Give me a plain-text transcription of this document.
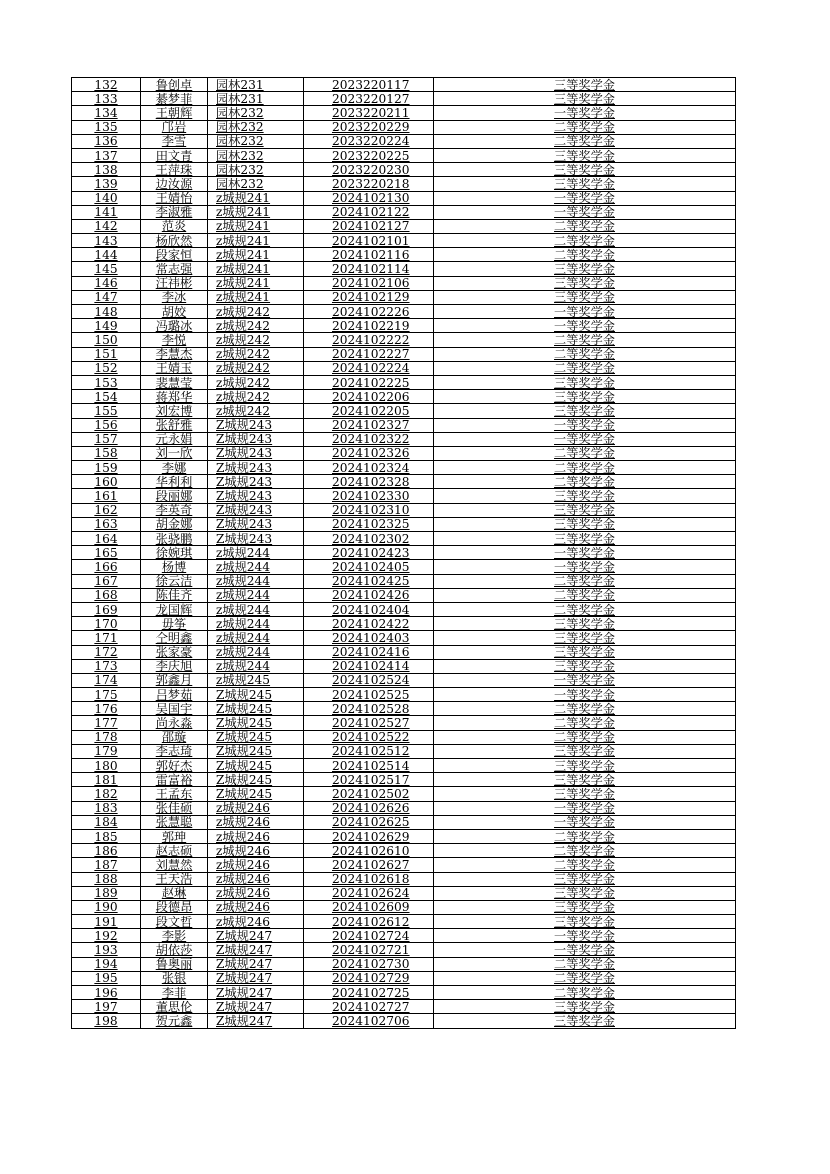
132	鲁创卓	园林231	2023220117	三等奖学金
133	綦梦菲	园林231	2023220127	三等奖学金
134	王朝辉	园林232	2023220211	一等奖学金
135	邝岩	园林232	2023220229	二等奖学金
136	李雪	园林232	2023220224	二等奖学金
137	田文青	园林232	2023220225	三等奖学金
138	王萍珠	园林232	2023220230	三等奖学金
139	边汝源	园林232	2023220218	三等奖学金
140	王婧怡	z城规241	2024102130	一等奖学金
141	李淑雅	z城规241	2024102122	一等奖学金
142	范炎	z城规241	2024102127	二等奖学金
143	杨欣然	z城规241	2024102101	二等奖学金
144	段家恒	z城规241	2024102116	二等奖学金
145	常志强	z城规241	2024102114	三等奖学金
146	汪祎彬	z城规241	2024102106	三等奖学金
147	李冰	z城规241	2024102129	三等奖学金
148	胡姣	z城规242	2024102226	一等奖学金
149	冯璐冰	z城规242	2024102219	一等奖学金
150	李悦	z城规242	2024102222	二等奖学金
151	李慧杰	z城规242	2024102227	二等奖学金
152	王婧玉	z城规242	2024102224	二等奖学金
153	裴慧莹	z城规242	2024102225	三等奖学金
154	蒋郑华	z城规242	2024102206	三等奖学金
155	刘宏博	z城规242	2024102205	三等奖学金
156	张舒雅	Z城规243	2024102327	一等奖学金
157	元永娟	Z城规243	2024102322	一等奖学金
158	刘一欣	Z城规243	2024102326	二等奖学金
159	李娜	Z城规243	2024102324	二等奖学金
160	华利利	Z城规243	2024102328	二等奖学金
161	段丽娜	Z城规243	2024102330	三等奖学金
162	李英奇	Z城规243	2024102310	三等奖学金
163	胡金娜	Z城规243	2024102325	三等奖学金
164	张骁鹏	Z城规243	2024102302	三等奖学金
165	徐婉琪	z城规244	2024102423	一等奖学金
166	杨博	z城规244	2024102405	一等奖学金
167	徐云洁	z城规244	2024102425	二等奖学金
168	陈佳齐	z城规244	2024102426	二等奖学金
169	龙国辉	z城规244	2024102404	二等奖学金
170	毋筝	z城规244	2024102422	三等奖学金
171	仝明鑫	z城规244	2024102403	三等奖学金
172	张家豪	z城规244	2024102416	三等奖学金
173	李庆旭	z城规244	2024102414	三等奖学金
174	郭鑫月	z城规245	2024102524	一等奖学金
175	吕梦茹	Z城规245	2024102525	一等奖学金
176	吴国宇	Z城规245	2024102528	二等奖学金
177	尚永淼	Z城规245	2024102527	二等奖学金
178	邵璇	Z城规245	2024102522	二等奖学金
179	李志琦	Z城规245	2024102512	三等奖学金
180	郭好杰	Z城规245	2024102514	三等奖学金
181	雷富裕	Z城规245	2024102517	三等奖学金
182	王孟东	Z城规245	2024102502	三等奖学金
183	张佳硕	z城规246	2024102626	一等奖学金
184	张慧聪	z城规246	2024102625	一等奖学金
185	郭珅	z城规246	2024102629	二等奖学金
186	赵志硕	z城规246	2024102610	二等奖学金
187	刘慧然	z城规246	2024102627	二等奖学金
188	王天浩	z城规246	2024102618	三等奖学金
189	赵琳	z城规246	2024102624	三等奖学金
190	段德昂	z城规246	2024102609	三等奖学金
191	段文哲	z城规246	2024102612	三等奖学金
192	李影	Z城规247	2024102724	一等奖学金
193	胡依莎	Z城规247	2024102721	一等奖学金
194	鲁奥丽	Z城规247	2024102730	二等奖学金
195	张银	Z城规247	2024102729	二等奖学金
196	李菲	Z城规247	2024102725	二等奖学金
197	董思伦	Z城规247	2024102727	三等奖学金
198	贺元鑫	Z城规247	2024102706	三等奖学金
